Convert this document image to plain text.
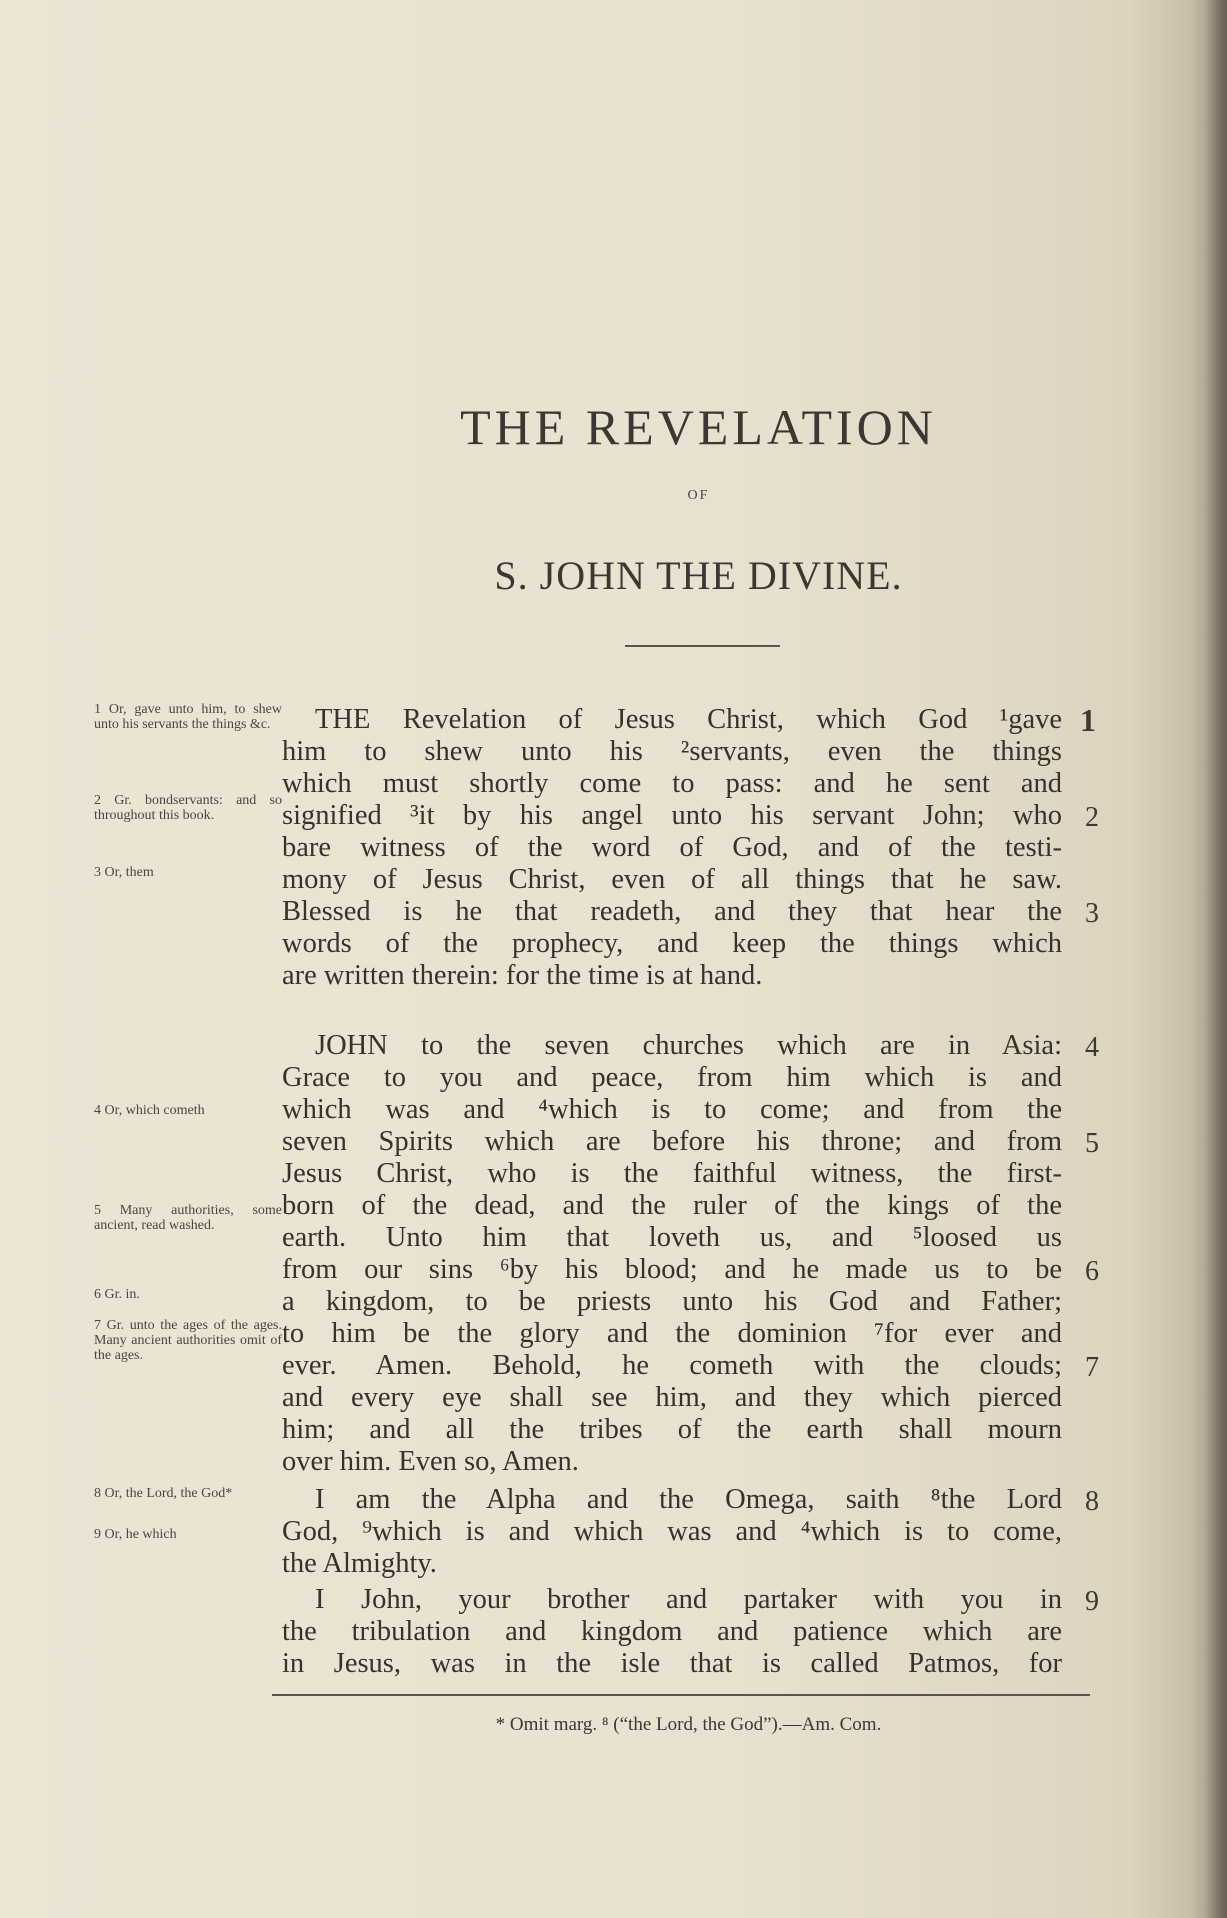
THE REVELATION
OF
S. JOHN THE DIVINE.
1 Or, gave unto him, to shew unto his servants the things &c.
2 Gr. bondservants: and so throughout this book.
3 Or, them
4 Or, which cometh
5 Many authorities, some ancient, read washed.
6 Gr. in.
7 Gr. unto the ages of the ages. Many ancient authorities omit of the ages.
8 Or, the Lord, the God*
9 Or, he which
THE Revelation of Jesus Christ, which God ¹gave
him to shew unto his ²servants, even the things
which must shortly come to pass: and he sent and
signified ³it by his angel unto his servant John; who
bare witness of the word of God, and of the testi-
mony of Jesus Christ, even of all things that he saw.
Blessed is he that readeth, and they that hear the
words of the prophecy, and keep the things which
are written therein: for the time is at hand.
JOHN to the seven churches which are in Asia:
Grace to you and peace, from him which is and
which was and ⁴which is to come; and from the
seven Spirits which are before his throne; and from
Jesus Christ, who is the faithful witness, the first-
born of the dead, and the ruler of the kings of the
earth. Unto him that loveth us, and ⁵loosed us
from our sins ⁶by his blood; and he made us to be
a kingdom, to be priests unto his God and Father;
to him be the glory and the dominion ⁷for ever and
ever. Amen. Behold, he cometh with the clouds;
and every eye shall see him, and they which pierced
him; and all the tribes of the earth shall mourn
over him. Even so, Amen.
I am the Alpha and the Omega, saith ⁸the Lord
God, ⁹which is and which was and ⁴which is to come,
the Almighty.
I John, your brother and partaker with you in
the tribulation and kingdom and patience which are
in Jesus, was in the isle that is called Patmos, for
1
2
3
4
5
6
7
8
9
* Omit marg. ⁸ (“the Lord, the God”).—Am. Com.
